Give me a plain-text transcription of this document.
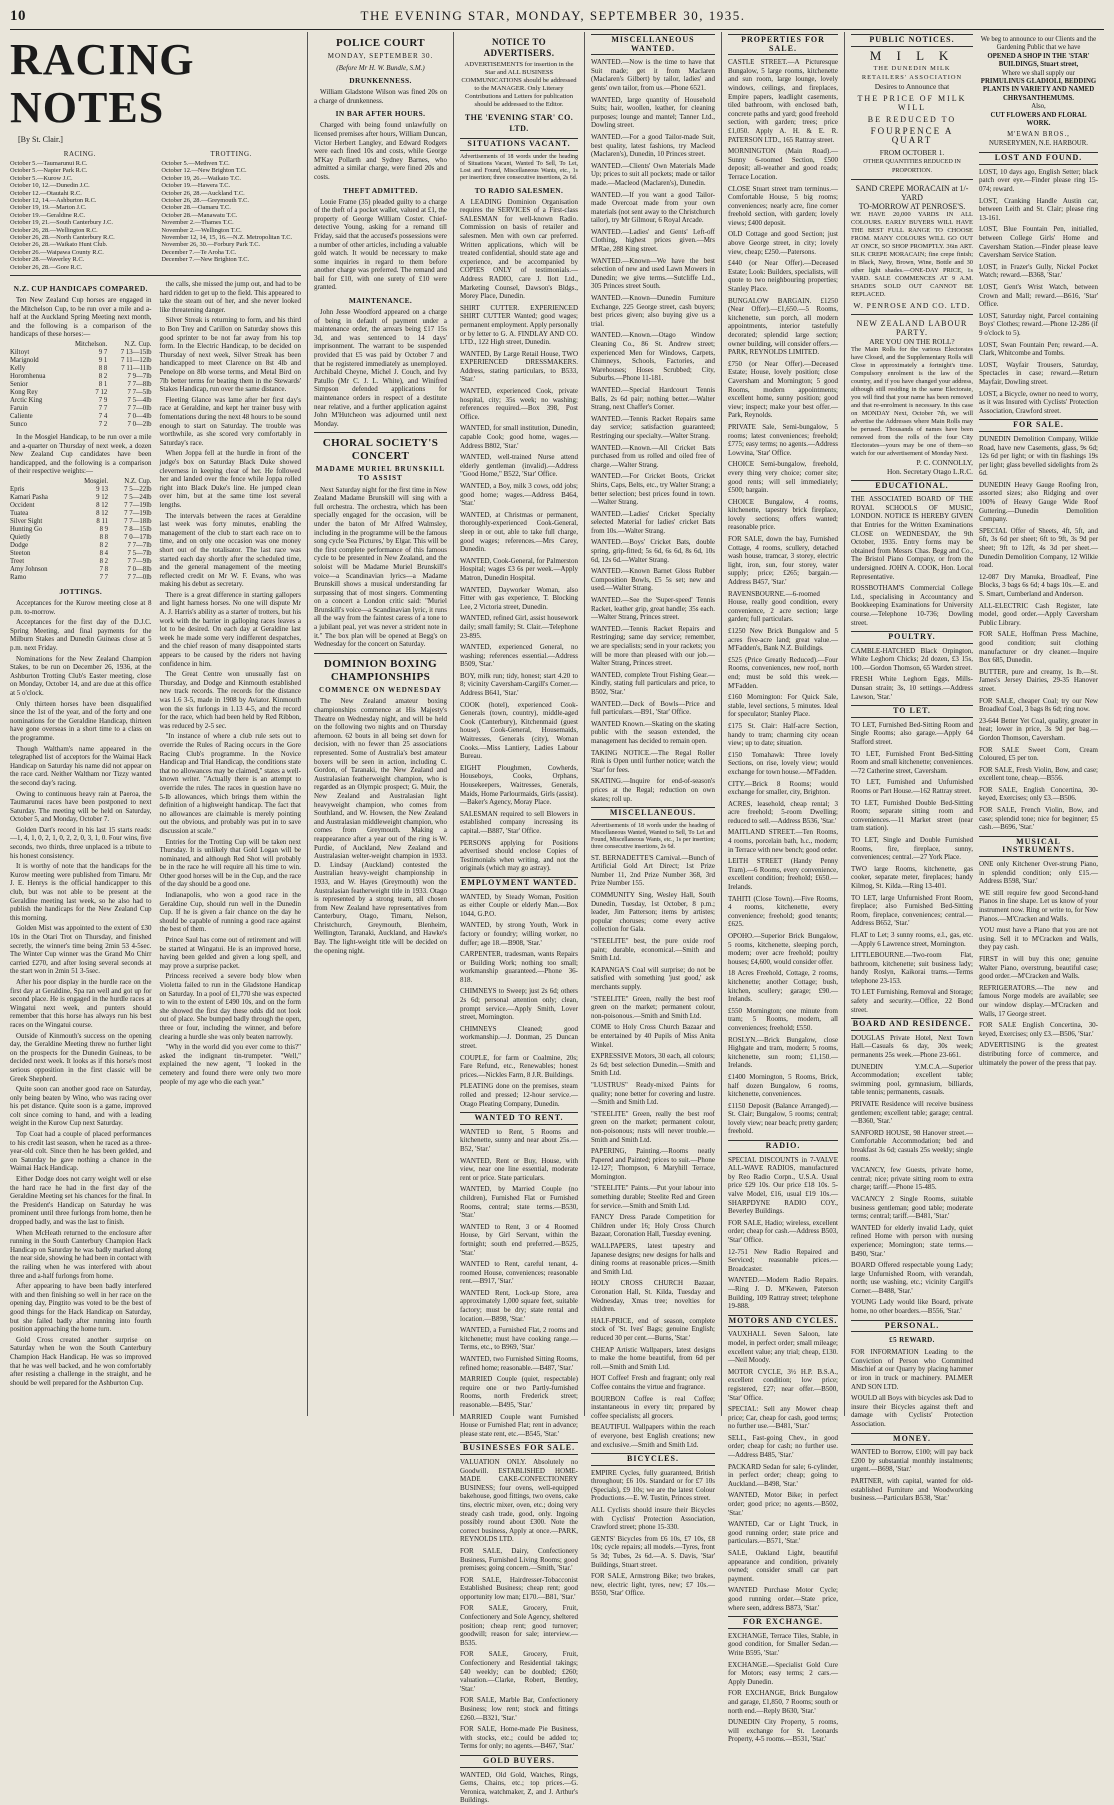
10	THE EVENING STAR, MONDAY, SEPTEMBER 30, 1935.
RACING NOTES
[By St. Clair.]
RACING.
October 5.—Taumarunui R.C.
October 5.—Napier Park R.C.
October 5.—Kurow J.C.
October 10, 12.—Dunedin J.C.
October 12.—Otautahi R.C.
October 12, 14.—Ashburton R.C.
October 19, 19.—Marton J.C.
October 19.—Geraldine R.C.
October 19, 21.—South Canterbury J.C.
October 26, 28.—Wellington R.C.
October 26, 28.—North Canterbury R.C.
October 26, 28.—Waikato Hunt Club.
October 26.—Waipawa County R.C.
October 28.—Waverley R.C.
October 26, 28.—Gore R.C.
TROTTING.
October 5.—Methven T.C.
October 12.—New Brighton T.C.
October 19, 26.—Waikato T.C.
October 19.—Hawera T.C.
October 26, 28.—Auckland T.C.
October 26, 28.—Greymouth T.C.
October 28.—Oamaru T.C.
October 28.—Manawatu T.C.
November 2.—Thames T.C.
November 2.—Wellington T.C.
November 12, 14, 15, 16.—N.Z. Metropolitan T.C.
November 26, 30.—Forbury Park T.C.
December 7.—Te Aroha T.C.
December 7.—New Brighton T.C.
N.Z. CUP HANDICAPS COMPARED.
Ten New Zealand Cup horses are engaged in the Mitchelson Cup, to be run over a mile and a-half at the Auckland Spring Meeting next month, and the following is a comparison of the handicaps of these horses:—
	Mitchelson.	N.Z. Cup.
Kiltoyt	9 7	7 13—15lb
Marignold	9 1	7 11—12lb
Kelly	8 8	7 11—11lb
Horomhenua	8 2	7 9—7lb
Senior	8 1	7 7—8lb
Kong Rey	7 12	7 7—5lb
Arctic King	7 9	7 5—4lb
Faruin	7 7	7 7—0lb
Caliente	7 4	7 0—4lb
Sunco	7 2	7 0—2lb
In the Mosgiel Handicap, to be run over a mile and a-quarter on Thursday of next week, a dozen New Zealand Cup candidates have been handicapped, and the following is a comparison of their respective weights:—
	Mosgiel.	N.Z. Cup.
Epris	9 13	7 5—22lb
Kamari Pasha	9 12	7 5—24lb
Occident	8 12	7 7—19lb
Tuatea	8 12	7 7—19lb
Silver Sight	8 11	7 7—18lb
Hunting Go	8 9	7 8—15lb
Quietly	8 8	7 0—17lb
Dodge	8 2	7 7—7lb
Steeton	8 4	7 5—7lb
Treet	8 2	7 7—9lb
Amy Johnson	7 8	7 0—8lb
Ramo	7 7	7 7—0lb
JOTTINGS.
Acceptances for the Kurow meeting close at 8 p.m. to-morrow.
Acceptances for the first day of the D.J.C. Spring Meeting, and final payments for the Milburn Stakes and Dunedin Guineas close at 5 p.m. next Friday.
Nominations for the New Zealand Champion Stakes, to be run on December 26, 1936, at the Ashburton Trotting Club's Easter meeting, close on Monday, October 14, and are due at this office at 5 o'clock.
Only thirteen horses have been disqualified since the 1st of the year, and of the forty and one nominations for the Geraldine Handicap, thirteen have gone overseas in a short time to a class on the programme.
Though Waltham's name appeared in the telegraphed list of acceptors for the Waimai Hack Handicap on Saturday his name did not appear on the race card. Neither Waltham nor Tizzy wanted the second day's racing.
Owing to continuous heavy rain at Paeroa, the Taumarunui races have been postponed to next Saturday. The meeting will be held on Saturday, October 5, and Monday, October 7.
Golden Dart's record in his last 15 starts reads:—1, 4, 1, 0, 2, 1, 0, 2, 2, 0, 3, 1, 0. Four wins, five seconds, two thirds, three unplaced is a tribute to his honest consistency.
It is worthy of note that the handicaps for the Kurow meeting were published from Timaru. Mr J. E. Henrys is the official handicapper to this club, but was not able to be present at the Geraldine meeting last week, so he also had to publish the handicaps for the New Zealand Cup this morning.
Golden Mist was appointed to the extent of £30 10s in the Otari Trot on Thursday, and finished secretly, the winner's time being 2min 53 4-5sec. The Winter Cup winner was the Grand Mo Chirr carried £270, and after losing several seconds at the start won in 2min 51 3-5sec.
After his poor display in the hurdle race on the first day at Geraldine, Spa ran well and got up for second place. He is engaged in the hurdle races at Wingatui next week, and punters should remember that this horse has always run his best races on the Wingatui course.
Outside of Kinmouth's success on the opening day, the Geraldine Meeting threw no further light on the prospects for the Dunedin Guineas, to be decided next week. It looks as if this horse's most serious opposition in the first classic will be Greek Shepherd.
Quite soon can another good race on Saturday, only being beaten by Wino, who was racing over his pet distance. Quite soon is a game, improved colt since coming to hand, and with a leading weight in the Kurow Cup next Saturday.
Top Coat had a couple of placed performances to his credit last season, when he raced as a three-year-old colt. Since then he has been gelded, and on Saturday he gave nothing a chance in the Waimai Hack Handicap.
Either Dodge does not carry weight well or else the hard race he had in the first day of the Geraldine Meeting set his chances for the final. In the President's Handicap on Saturday he was prominent until three furlongs from home, then he dropped badly, and was the last to finish.
When McHeath returned to the enclosure after running in the South Canterbury Champion Hack Handicap on Saturday he was badly marked along the near side, showing he had been in contact with the railing when he was interfered with about three and a-half furlongs from home.
After appearing to have been badly interfered with and then finishing so well in her race on the opening day, Pingtito was voted to be the best of good things for the Hack Handicap on Saturday, but she failed badly after running into fourth position approaching the home turn.
Gold Cross created another surprise on Saturday when he won the South Canterbury Champion Hack Handicap. He was so improved that he was well backed, and he won comfortably after resisting a challenge in the straight, and he should be well prepared for the Ashburton Cup.
the calls, she missed the jump out, and had to be hard ridden to get up to the field. This appeared to take the steam out of her, and she never looked like threatening danger.
Silver Streak is returning to form, and his third to Bon Trey and Carillon on Saturday shows this good sprinter to be not far away from his top form. In the Electric Handicap, to be decided on Thursday of next week, Silver Streak has been handicapped to meet Clarence on 8st 4lb and Penelope on 8lb worse terms, and Metal Bird on 7lb better terms for beating them in the Stewards' Stakes Handicap, run over the same distance.
Fleeting Glance was lame after her first day's race at Geraldine, and kept her trainer busy with fomentations during the next 48 hours to be sound enough to start on Saturday. The trouble was worthwhile, as she scored very comfortably in Saturday's race.
When Joppa fell at the hurdle in front of the judge's box on Saturday Black Duke showed cleverness in keeping clear of her. He followed her and landed over the fence while Joppa rolled right into Black Duke's line. He jumped clean over him, but at the same time lost several lengths.
The intervals between the races at Geraldine last week was forty minutes, enabling the management of the club to start each race on to time, and on only one occasion was one money short out of the totalisator. The last race was started each day shortly after the scheduled time, and the general management of the meeting reflected credit on Mr W. F. Evans, who was making his debut as secretary.
There is a great difference in starting gallopers and light harness horses. No one will dispute Mr A. J. Harris's ability as a starter of trotters, but his work with the barrier in galloping races leaves a lot to be desired. On each day at Geraldine last week he made some very indifferent despatches, and the chief reason of many disappointed starts appears to be caused by the riders not having confidence in him.
The Great Centre won unusually fast on Thursday, and Dodge and Kinmouth established new track records. The records for the distance was 1.6 3-5, made in 1908 by Aviator. Kinmouth won the six furlongs in 1.13 4-5, and the record for the race, which had been held by Red Ribbon, was reduced by 2-5 sec.
"In instance of where a club rule sets out to override the Rules of Racing occurs in the Gore Racing Club's programme. In the Novice Handicap and Trial Handicap, the conditions state that no allowances may be claimed," states a well-known writer. "Actually there is an attempt to override the rules. The races in question have no 5-lb allowances, which brings them within the definition of a highweight handicap. The fact that no allowances are claimable is merely pointing out the obvious, and probably was put in to save discussion at scale."
Entries for the Trotting Cup will be taken next Thursday. It is unlikely that Gold Logan will be nominated, and although Red Shot will probably be in the race he will require all his time to win. Other good horses will be in the Cup, and the race of the day should be a good one.
Indianapolis, who won a good race in the Geraldine Cup, should run well in the Dunedin Cup. If he is given a fair chance on the day he should be capable of running a good race against the best of them.
Prince Saul has come out of retirement and will be started at Wingatui. He is an improved horse, having been gelded and given a long spell, and may prove a surprise packet.
Princess received a severe body blow when Violetta failed to run in the Gladstone Handicap on Saturday. In a pool of £1,770 she was expected to win to the extent of £490 10s, and on the form she showed the first day these odds did not look out of place. She bumped badly through the open, three or four, including the winner, and before clearing a hurdle she was only beaten narrowly.
"Why in the world did you ever come to this?" asked the indignant tin-trumpeter. "Well," explained the new agent, "I looked in the cemetery and found there were only two more people of my age who die each year."
POLICE COURT
MONDAY, SEPTEMBER 30.
(Before Mr H. W. Bundle, S.M.)
DRUNKENNESS.
William Gladstone Wilson was fined 20s on a charge of drunkenness.
IN BAR AFTER HOURS.
Charged with being found unlawfully on licensed premises after hours, William Duncan, Victor Herbert Langley, and Edward Rodgers were each fined 10s and costs, while George M'Kay Pollarth and Sydney Barnes, who admitted a similar charge, were fined 20s and costs.
THEFT ADMITTED.
Louie Frame (35) pleaded guilty to a charge of the theft of a pocket wallet, valued at £1, the property of George William Coster. Chief-detective Young, asking for a remand till Friday, said that the accused's possessions were a number of other articles, including a valuable gold watch. It would be necessary to make some inquiries in regard to them before another charge was preferred. The remand and bail for £10, with one surety of £10 were granted.
MAINTENANCE.
John Jesse Woodford appeared on a charge of being in default of payment under a maintenance order, the arrears being £17 15s 3d, and was sentenced to 14 days' imprisonment. The warrant to be suspended provided that £5 was paid by October 7 and that he registered immediately as unemployed. Archibald Cheyne, Michel J. Couch, and Ivy Patullo (Mr C. J. L. White), and Winifred Simpson defended applications for maintenance orders in respect of a destitute near relative, and a further application against John M'Hutcheon was adjourned until next Monday.
CHORAL SOCIETY'S CONCERT
MADAME MURIEL BRUNSKILL TO ASSIST
Next Saturday night for the first time in New Zealand Madame Brunskill will sing with a full orchestra. The orchestra, which has been specially engaged for the occasion, will be under the baton of Mr Alfred Walmsley, including in the programme will be the famous song cycle 'Sea Pictures,' by Elgar. This will be the first complete performance of this famous cycle to be presented in New Zealand, and the soloist will be Madame Muriel Brunskill's voice—a Scandinavian lyrics—a Madame Brunskill shows a musical understanding far surpassing that of most singers. Commenting on a concert a London critic said: "Muriel Brunskill's voice—a Scandinavian lyric, it runs all the way from the faintest caress of a tone to a jubilant peal, yet was never a strident note in it." The box plan will be opened at Begg's on Wednesday for the concert on Saturday.
DOMINION BOXING CHAMPIONSHIPS
COMMENCE ON WEDNESDAY
The New Zealand amateur boxing championships commence at His Majesty's Theatre on Wednesday night, and will be held on the following two nights and on Thursday afternoon. 62 bouts in all being set down for decision, with no fewer than 25 associations represented. Some of Australia's best amateur boxers will be seen in action, including C. Gordon, of Taranaki, the New Zealand and Australasian featherweight champion, who is regarded as an Olympic prospect; G. Muir, the New Zealand and Australasian light heavyweight champion, who comes from Southland, and W. Howsen, the New Zealand and Australasian middleweight champion, who comes from Greymouth. Making a reappearance after a year out of the ring is W. Purdie, of Auckland, New Zealand and Australasian welter-weight champion in 1933. D. Lindsay (Auckland) contested the Australian heavy-weight championship in 1933, and W. Hayes (Greymouth) won the Australasian featherweight title in 1933. Otago is represented by a strong team, all chosen from New Zealand have representatives from Canterbury, Otago, Timaru, Nelson, Christchurch, Greymouth, Blenheim, Wellington, Taranaki, Auckland, and Hawke's Bay. The light-weight title will be decided on the opening night.
NOTICE TO ADVERTISERS.
ADVERTISEMENTS for insertion in the Star and ALL BUSINESS COMMUNICATIONS should be addressed to the MANAGER. Only Literary Contributions and Letters for publication should be addressed to the Editor.
THE 'EVENING STAR' CO. LTD.
SITUATIONS VACANT.
Advertisements of 18 words under the heading of Situations Vacant, Wanted To Sell, To Let, Lost and Found, Miscellaneous Wants, etc., 1s per insertion; three consecutive insertions, 2s 6d.
TO RADIO SALESMEN.
A LEADING Dominion Organisation requires the SERVICES of a First-class SALESMAN for well-known Radio. Commission on basis of retailer and salesmen. Men with own car preferred. Written applications, which will be treated confidential, should state age and experience, and be accompanied by COPIES ONLY of testimonials.—Address RADIO, care J. Ilott Ltd., Marketing Counsel, Dawson's Bldgs., Morey Place, Dunedin.
SHIRT CUTTER. EXPERIENCED SHIRT CUTTER Wanted; good wages; permanent employment. Apply personally or by letter to G. A. FINDLAY AND CO. LTD., 122 High street, Dunedin.
WANTED, By Large Retail House, TWO EXPERIENCED DRESSMAKERS. Address, stating particulars, to B533, 'Star.'
WANTED, experienced Cook, private hospital, city; 35s week; no washing; references required.—Box 398, Post Office.
WANTED, for small institution, Dunedin, capable Cook; good home, wages.—Address B802, 'Star.'
WANTED, well-trained Nurse attend elderly gentleman (invalid).—Address "Good Home," B522, 'Star' Office.
WANTED, a Boy, milk 3 cows, odd jobs; good home; wages.—Address B464, 'Star.'
WANTED, at Christmas or permanent, thoroughly-experienced Cook-General, sleep in or out, able to take full charge, good wages; references.—Mrs Carey, Dunedin.
WANTED, Cook-General, for Palmerston Hospital; wages £3 6s per week.—Apply Matron, Dunedin Hospital.
WANTED, Dayworker Woman, also Fitter with gas experience, T. Blocking Lee, 2 Victoria street, Dunedin.
WANTED, refined Girl, assist housework daily; small family; St. Clair.—Telephone 23-895.
WANTED, experienced General, no washing; references essential.—Address B509, 'Star.'
BOY, milk run; tidy, honest; start 4.20 to 8; vicinity Caversham-Cargill's Corner.—Address B641, 'Star.'
COOK (hotel), experienced Cook-Generals (town, country), middle-aged Cook (Canterbury), Kitchenmaid (guest house), Cook-General, Housemaids, Waitresses, Generals (city), Woman Cooks.—Miss Lantiery, Ladies Labour Bureau.
EIGHT Ploughmen, Cowherds, Houseboys, Cooks, Orphans, Housekeepers, Waitresses, Generals, Maids, Home Parlourmaids, Girls (assist).—Baker's Agency, Moray Place.
SALESMAN required to sell Blowers in established company increasing its capital.—B887, 'Star' Office.
PERSONS applying for Positions advertised should enclose Copies of Testimonials when writing, and not the originals (which may go astray).
EMPLOYMENT WANTED.
WANTED, by Steady Woman, Position as either Couple or elderly Man.—Box 1044, G.P.O.
WANTED, by strong Youth, Work in factory or foundry; willing worker, no duffer; age 18.—B908, 'Star.'
CARPENTER, tradesman, wants Repairs or Building Work; nothing too small; workmanship guaranteed.—Phone 36-818.
CHIMNEYS to Sweep; just 2s 6d; others 2s 6d; personal attention only; clean, prompt service.—Apply Smith, Lover street, Mornington.
CHIMNEYS Cleaned; good workmanship.—J. Donman, 25 Duncan street.
COUPLE, for farm or Coalmine, 20s; Fare Refund, etc., Renewables; honest prices.—Nickles Farm, 8 J.R. Buildings.
PLEATING done on the premises, steam rolled and pressed; 12-hour service.—Otago Pleating Company, Dunedin.
WANTED TO RENT.
WANTED to Rent, 5 Rooms and kitchenette, sunny and near about 25s.—B52, 'Star.'
WANTED, Rent or Buy, House, with view, near one line essential, moderate rent or price. State particulars.
WANTED, by Married Couple (no children), Furnished Flat or Furnished Rooms, central; state terms.—B530, 'Star.'
WANTED to Rent, 3 or 4 Roomed House, by Girl Servant, within the fortnight; south end preferred.—B525, 'Star.'
WANTED to Rent, careful tenant, 4-roomed House, conveniences; reasonable rent.—B917, 'Star.'
WANTED Rent, Lock-up Store, area approximately 1,000 square feet, suitable factory; must be dry; state rental and location.—B898, 'Star.'
WANTED, a Furnished Flat, 2 rooms and kitchenette; must have cooking range.—Terms, etc., to B969, 'Star.'
WANTED, two Furnished Sitting Rooms, refined home; reasonable.—B487, 'Star.'
MARRIED Couple (quiet, respectable) require one or two Partly-furnished Rooms, north Frederick street; reasonable.—B495, 'Star.'
MARRIED Couple want Furnished House or Furnished Flat; rent in advance; please state rent, etc.—B545, 'Star.'
BUSINESSES FOR SALE.
VALUATION ONLY. Absolutely no Goodwill. ESTABLISHED HOME-MADE CAKE-CONFECTIONERY BUSINESS; four ovens, well-equipped bakehouse, good fittings, two ovens, cake tins, electric mixer, oven, etc.; doing very steady cash trade, good, only. Ingoing possibly round about £300. Note the correct business, Apply at once.—PARK, REYNOLDS LTD.
FOR SALE, Dairy, Confectionery Business, Furnished Living Rooms; good premises; going concern.—Smith, 'Star.'
FOR SALE, Hairdresser-Tobacconist Established Business; cheap rent; good opportunity low man; £170.—B81, 'Star.'
FOR SALE, Grocery, Fruit, Confectionery and Sole Agency, sheltered position; cheap rent; good turnover; goodwill; reason for sale; interview.—B535.
FOR SALE, Grocery, Fruit, Confectionery and Residential takings; £40 weekly; can be doubled; £260; valuation.—Clarke, Robert, Bentley, 'Star.'
FOR SALE, Marble Bar, Confectionery Business; low rent; stock and fittings £260.—B321, 'Star.'
FOR SALE, Home-made Pie Business, with stocks, etc.; could be added to; Terms for only; no agents.—B467, 'Star.'
GOLD BUYERS.
WANTED, Old Gold, Watches, Rings, Gems, Chains, etc.; top prices.—G. Veronica, watchmaker, Z, and J. Arthur's Buildings.
MISCELLANEOUS WANTED.
WANTED.—Now is the time to have that Suit made; get it from Maclaren (Maclaren's Gilbert) by tailor, ladies' and gents' own tailor, from us.—Phone 6521.
WANTED, large quantity of Household Suits; hair, woollen, leather, for cleaning purposes; lounge and mantel; Tanner Ltd., Dowling street.
WANTED.—For a good Tailor-made Suit, best quality, latest fashions, try Macleod (Maclaren's), Dunedin, 10 Princes street.
WANTED.—Clients' Own Materials Made Up; prices to suit all pockets; made or tailor made.—Macleod (Maclaren's), Dunedin.
WANTED.—If you want a good Tailor-made Overcoat made from your own materials (not sent away to the Christchurch tailor), try Mr Gilmour, 6 Royal Arcade.
WANTED.—Ladies' and Gents' Left-off Clothing, highest prices given.—Mrs M'Rae, 288 King street.
WANTED.—Known—We have the best selection of new and used Lawn Mowers in Dunedin; we give terms.—Sutcliffe Ltd., 305 Princes street South.
WANTED.—Known—Dunedin Furniture Exchange, 225 George street, cash buyers; best prices given; also buying give us a trial.
WANTED.—Known.—Otago Window Cleaning Co., 86 St. Andrew street; experienced Men for Windows, Carpets, Chimneys, Schools, Factories, and Warehouses; Hoses Scrubbed; City, Suburbs.—Phone 11-181.
WANTED.—Special Hardcourt Tennis Balls, 2s 6d pair; nothing better.—Walter Strang, next Chaffer's Corner.
WANTED.—Tennis Racket Repairs same day service; satisfaction guaranteed; Restringing our specialty.—Walter Strang.
WANTED.—Known.—All Cricket Bats purchased from us rolled and oiled free of charge.—Walter Strang.
WANTED.—For Cricket Boots, Cricket Shirts, Caps, Belts, etc., try Walter Strang; a better selection; best prices found in town.—Walter Strang.
WANTED.—Ladies' Cricket Specialty selected Material for ladies' cricket Bats from 10s.—Walter Strang.
WANTED.—Boys' Cricket Bats, double spring, grip-fitted; 5s 6d, 6s 6d, 8s 6d, 10s 6d, 12s 6d.—Walter Strang.
WANTED.—Known Barnet Gloss Rubber Composition Bowls, £5 5s set; new and used.—Walter Strang.
WANTED.—See the 'Super-speed' Tennis Racket, leather grip, great handle; 35s each.—Walter Strang, Princes street.
WANTED.—Tennis Racket Repairs and Restringing; same day service; remember, we are specialists; send in your rackets; you will be more than pleased with our job.—Walter Strang, Princes street.
WANTED, complete Trout Fishing Gear.—Kindly, stating full particulars and price, to B502, 'Star.'
WANTED.—Deck of Bowls—Price and full particulars.—B91, 'Star' Office.
WANTED Known.—Skating on the skating public with the season extended, the management has decided to remain open.
TAKING NOTICE.—The Regal Roller Rink is Open until further notice; watch the 'Star' for fees.
SKATING.—Inquire for end-of-season's prices at the Regal; reduction on own skates; roll up.
MISCELLANEOUS.
Advertisements of 18 words under the heading of Miscellaneous Wanted, Wanted to Sell, To Let and Found, Miscellaneous Wants, etc., 1s per insertion; three consecutive insertions, 2s 6d.
ST. BERNADETTE'S Carnival.—Bunch of Artificial Gold Art Direct; 1st Prize Number 11, 2nd Prize Number 368, 3rd Prize Number 155.
COMMUNITY Sing, Wesley Hall, South Dunedin, Tuesday, 1st October, 8 p.m.; leader, Jim Patterson; items by artistes; popular choruses; come every active collection for Gala.
"STEELITE" best, the pure oxide roof paint; durable, economical.—Smith and Smith Ltd.
KAPANGA'S Coal will surprise; do not be satisfied with something 'just good,' ask merchants supply.
"STEELITE" Green, really the best roof green on the market; permanent colour, non-poisonous.—Smith and Smith Ltd.
COME to Holy Cross Church Bazaar and be entertained by 40 Pupils of Miss Anita Winkel.
EXPRESSIVE Motors, 30 each, all colours; 2s 6d; best selection Dunedin.—Smith and Smith Ltd.
"LUSTRUS" Ready-mixed Paints for quality; none better for covering and lustre.—Smith and Smith Ltd.
"STEELITE" Green, really the best roof green on the market; permanent colour, non-poisonous; rusts will never trouble.—Smith and Smith Ltd.
PAPERING, Painting.—Rooms neatly Papered and Painted; prices to suit.—Phone 12-127; Thompson, 6 Maryhill Terrace, Mornington.
"STEELITE" Paints.—Put your labour into something durable; Steelite Red and Green for service.—Smith and Smith Ltd.
FANCY Dress Parade Competition for Children under 16; Holy Cross Church Bazaar, Coronation Hall, Tuesday evening.
WALLPAPERS, latest tapestry and Japanese designs; new designs for halls and dining rooms at reasonable prices.—Smith and Smith Ltd.
HOLY CROSS CHURCH Bazaar, Coronation Hall, St. Kilda, Tuesday and Wednesday, Xmas tree; novelties for children.
HALF-PRICE, end of season, complete stock of 'St. Ives' Bags; genuine English; reduced 30 per cent.—Burns, 'Star.'
CHEAP Artistic Wallpapers, latest designs to make the home beautiful, from 6d per roll.—Smith and Smith Ltd.
HOT Coffee! Fresh and fragrant; only real Coffee contains the virtue and fragrance.
BOURBON Coffee is real Coffee; instantaneous in every tin; prepared by coffee specialists; all grocers.
BEAUTIFUL Wallpapers within the reach of everyone, best English creations; new and exclusive.—Smith and Smith Ltd.
BICYCLES.
EMPIRE Cycles, fully guaranteed, British throughout; £6 10s. Standard or for £7 10s (Specials), £9 10s; we are the latest Colour Productions.—E. W. Tustin, Princes street.
ALL Cyclists should insure their Bicycles with Cyclists' Protection Association, Crawford street; phone 15-330.
GENTS' Bicycles from £6 10s, £7 10s, £8 10s; cycle repairs; all models.—Tyres, front 5s 3d; Tubes, 2s 6d.—A. S. Davis, 'Star' Buildings, Stuart street.
FOR SALE, Armstrong Bike; two brakes, new, electric light, tyres, new; £7 10s.—B550, 'Star' Office.
PROPERTIES FOR SALE.
CASTLE STREET.—A Picturesque Bungalow, 5 large rooms, kitchenette and sun room, large lounge, lovely windows, ceilings, and fireplaces, Empire papers, leadlight casements, tiled bathroom, with enclosed bath, concrete paths and yard; good freehold section, with garden; trees; price £1,050. Apply A. H. & E. R. PATERSON LTD., 165 Rattray street.
MORNINGTON (Main Road).—Sunny 6-roomed Section, £500 deposit; all-weather and good roads; Terrace Location.
CLOSE Stuart street tram terminus.—Comfortable House, 5 big rooms; conveniences; nearly acre, fine corner freehold section, with garden; lovely views; £400 deposit.
OLD Cottage and good Section; just above George street, in city; lovely view, cheap; £250.—Patersons.
£440 (or Near Offer).—Deceased Estate; Look: Builders, specialists, will quote to two neighbouring properties; Stanley Place.
BUNGALOW BARGAIN. £1250 (Near Offer).—£1,650.—5 Rooms, kitchenette, sun porch, all modern appointments, interior tastefully decorated; splendid large section; owner building, will consider offers.—PARK, REYNOLDS LIMITED.
£750 (or Near Offer).—Deceased Estate; House, lovely position; close Caversham and Mornington; 5 good Rooms, modern appointments; excellent home, sunny position; good view; inspect; make your best offer.—Park, Reynolds.
PRIVATE Sale, Semi-bungalow, 5 rooms; latest conveniences; freehold; £775; easy terms; no agents.—Address Lowvina, 'Star' Office.
CHOICE Semi-bungalow, freehold, every thing very choice; corner site; good rents; will sell immediately; £500; bargain.
CHOICE Bungalow, 4 rooms, kitchenette, tapestry brick fireplace, lovely sections; offers wanted; reasonable price.
FOR SALE, down the bay, Furnished Cottage, 4 rooms, scullery, detached wash house, tramcar, 3 storey, electric light, iron, sun, four storey, water supply; price; £265; bargain.—Address B457, 'Star.'
RAVENSBOURNE.—6-roomed House, really good condition, every convenience, 2 acre section; large garden; full particulars.
£1250 New Brick Bungalow and 5 acres five-acre land; great value.—M'Fadden's, Bank N.Z. Buildings.
£525 (Price Greatly Reduced).—Four Rooms, conveniences, new roof, north end; must be sold this week.—M'Fadden.
£160 Mornington: For Quick Sale, stable, level sections, 5 minutes. Ideal for speculator; Stanley Place.
£175 St. Clair: Half-acre Section, handy to tram; charming city ocean view; up to date; situation.
£150 Tomahawk: Three lovely Sections, on rise, lovely view; would exchange for town house.—M'Fadden.
CITY.—Brick 8 Rooms; would exchange for smaller, city, Brighton.
ACRES, leasehold, cheap rental; 3 acre freehold; 5-room Dwelling; reduced to sell.—Address B536, 'Star.'
MAITLAND STREET.—Ten Rooms, 4 rooms, porcelain bath, h.c., modern; in Terrace with new bench; good order.
LEITH STREET (Handy Penny Tram).—6 Rooms, every convenience, excellent condition; freehold; £650.—Irelands.
TAHITI (Close Town).—Five Rooms, 4 rooms, kitchenette, every convenience; freehold; good tenants; £625.
OPOHO.—Superior Brick Bungalow, 5 rooms, kitchenette, sleeping porch, modern; over acre freehold; poultry houses; £4,600, would consider offer.
18 Acres Freehold, Cottage, 2 rooms, kitchenette; another Cottage; bush, kitchen, scullery; garage; £90.—Irelands.
£550 Mornington; one minute from tram; 5 Rooms, modern, all conveniences; freehold; £550.
ROSLYN.—Brick Bungalow, close Highgate and tram, modern; 5 rooms, kitchenette, sun room; £1,150.—Irelands.
£1400 Mornington, 5 Rooms, Brick, half dozen Bungalow, 6 rooms, kitchenette, conveniences.
£1150 Deposit (Balance Arranged).—St. Clair; Bungalow, 5 rooms; central; lovely view; near beach; pretty garden; freehold.
RADIO.
SPECIAL DISCOUNTS in 7-VALVE ALL-WAVE RADIOS, manufactured by Reo Radio Corpn., U.S.A. Usual price £29 10s. Our price £18 10s. 5-valve Model, £16, usual £19 10s.—SHARPDYNE RADIO COY., Beverley Buildings.
FOR SALE, Hadio; wireless, excellent order; cheap for cash.—Address B503, 'Star' Office.
12-751 New Radio Repaired and Serviced; reasonable prices.—Broadcaster.
WANTED.—Modern Radio Repairs.—Ring J. D. M'Kewen, Paterson Building, 109 Rattray street; telephone 19-888.
MOTORS AND CYCLES.
VAUXHALL Seven Saloon, late model, in perfect order; small mileage; excellent value; any trial; cheap, £130.—Neil Moody.
MOTOR CYCLE, 3½ H.P. B.S.A., excellent condition; low price; registered, £27; near offer.—B500, 'Star' Office.
SPECIAL: Sell any Mower cheap price; Car, cheap for cash, good terms; no further use.—B481, 'Star.'
SELL, Fast-going Chev., in good order; cheap for cash; no further use.—Address B485, 'Star.'
PACKARD Sedan for sale; 6-cylinder, in perfect order; cheap; going to Auckland.—B498, 'Star.'
WANTED, Motor Bike; in perfect order; good price; no agents.—B502, 'Star.'
WANTED, Car or Light Truck, in good running order; state price and particulars.—B571, 'Star.'
SALE, Oakland Light, beautiful appearance and condition, privately owned; consider small car part payment.
WANTED Purchase Motor Cycle; good running order.—State price, where seen, address B873, 'Star.'
FOR EXCHANGE.
EXCHANGE, Terrace Tiles, Stable, in good condition, for Smaller Sedan.—Write B595, 'Star.'
EXCHANGE.—Specialist Gold Cure for Motors; easy terms; 2 cars.—Apply Dunedin.
FOR EXCHANGE, Brick Bungalow and garage, £1,850, 7 Rooms; south or north end.—Reply B630, 'Star.'
DUNEDIN City Property, 5 rooms, will exchange for St. Leonards Property, 4-5 rooms.—B531, 'Star.'
PUBLIC NOTICES.
M I L K
THE DUNEDIN MILK RETAILERS' ASSOCIATION
Desires to Announce that
THE PRICE OF MILK WILL
BE REDUCED TO
FOURPENCE A QUART
FROM OCTOBER 1.
OTHER QUANTITIES REDUCED IN PROPORTION.
SAND CREPE MORACAIN at 1/- YARD
TO-MORROW AT PENROSE'S.
WE HAVE 20,000 YARDS IN ALL COLOURS. EARLY BUYERS WILL HAVE THE BEST FULL RANGE TO CHOOSE FROM. MANY COLOURS WILL GO OUT AT ONCE, SO SHOP PROMPTLY. 36in ART. SILK CREPE MORACAIN; fine crepe finish; in Black, Navy, Brown, Wine, Bottle and 30 other light shades.—ONE-DAY PRICE, 1s YARD. SALE COMMENCES AT 9 A.M. SHADES SOLD OUT CANNOT BE REPLACED.
W. PENROSE AND CO. LTD.
NEW ZEALAND LABOUR PARTY.
ARE YOU ON THE ROLL?
The Main Rolls for the various Electorates have Closed, and the Supplementary Rolls will Close in approximately a fortnight's time. Compulsory enrolment is the law of the country, and if you have changed your address, although still residing in the same Electorate, you will find that your name has been removed and that re-enrolment is necessary. In this case on MONDAY Next, October 7th, we will advertise the Addresses where Main Rolls may be perused. Thousands of names have been removed from the rolls of the four City Electorates—yours may be one of them—so watch for our advertisement of Monday Next.
P. C. CONNOLLY,
Hon. Secretary Otago L.R.C.
EDUCATIONAL.
THE ASSOCIATED BOARD OF THE ROYAL SCHOOLS OF MUSIC, LONDON. NOTICE IS HEREBY GIVEN that Entries for the Written Examinations CLOSE on WEDNESDAY, the 9th October, 1935. Entry forms may be obtained from Messrs Chas. Begg and Co., The Bristol Piano Company, or from the undersigned. JOHN A. COOK, Hon. Local Representative.
ROSSBOTHAM'S Commercial College Ltd., specialising in Accountancy and Bookkeeping Examinations for University course.—Telephone 10-736; Dowling street.
POULTRY.
CAMBLE-HATCHED Black Orpington, White Leghorn Chicks; 2d dozen, £3 15s, 100.—Gordon Thomson, 65 Warden street.
FRESH White Leghorn Eggs, Mills-Dunsan strain; 3s, 10 settings.—Address Lawson, 'Star.'
TO LET.
TO LET, Furnished Bed-Sitting Room and Single Rooms; also garage.—Apply 64 Stafford street.
TO LET, Furnished Front Bed-Sitting Room and small kitchenette; conveniences.—72 Catherine street, Caversham.
TO LET, Furnished and Unfurnished Rooms or Part House.—162 Rattray street.
TO LET, Furnished Double Bed-Sitting Room; separate sitting room and conveniences.—11 Market street (near tram station).
TO LET, Single and Double Furnished Rooms, fire, fireplace, sunny, conveniences; central.—27 York Place.
TWO large Rooms, kitchenette, gas cooker, separate meter, fireplaces; handy Kilmog, St. Kilda.—Ring 13-401.
TO LET, large Unfurnished Front Room, fireplace; also Furnished Bed-Sitting Room, fireplace, conveniences; central.—Address B652, 'Star.'
FLAT to Let; 3 sunny rooms, e.l., gas, etc.—Apply 6 Lawrence street, Mornington.
LITTLEBOURNE.—Two-room Flat, bathroom, kitchenette; suit business lady; handy Roslyn, Kaikorai trams.—Terms telephone 23-153.
TO LET Furnishing, Removal and Storage; safety and security.—Office, 22 Bond street.
BOARD AND RESIDENCE.
DOUGLAS Private Hotel, Next Town Hall.—Casuals 6s day, 30s week; permanents 25s week.—Phone 23-661.
DUNEDIN Y.M.C.A.—Superior Accommodation; excellent table; swimming pool, gymnasium, billiards, table tennis; permanents, casuals.
PRIVATE Residence will receive business gentlemen; excellent table; garage; central.—B360, 'Star.'
SANFORD HOUSE, 98 Hanover street.—Comfortable Accommodation; bed and breakfast 3s 6d; casuals 25s weekly; single rooms.
VACANCY, few Guests, private home, central; nice; private sitting room to extra charge; tariff.—Phone 15-485.
VACANCY 2 Single Rooms, suitable business gentleman; good table; moderate terms; central; tariff.—B481, 'Star.'
WANTED for elderly invalid Lady, quiet refined Home with person with nursing experience; Mornington; state terms.—B490, 'Star.'
BOARD Offered respectable young Lady; large Unfurnished Room, with verandah, north; use washing, etc.; vicinity Cargill's Corner.—B488, 'Star.'
YOUNG Lady would like Board, private home, no other boarders.—B556, 'Star.'
PERSONAL.
£5 REWARD.
FOR INFORMATION Leading to the Conviction of Person who Committed Mischief at our Quarry by placing hammer or iron in truck or machinery. PALMER AND SON LTD.
WOULD all Boys with bicycles ask Dad to insure their Bicycles against theft and damage with Cyclists' Protection Association.
MONEY.
WANTED to Borrow, £100; will pay back £200 by substantial monthly instalments; urgent.—B698, 'Star.'
PARTNER, with capital, wanted for old-established Furniture and Woodworking business.—Particulars B538, 'Star.'
We beg to announce to our Clients and the Gardening Public that we have
OPENED A SHOP IN THE 'STAR' BUILDINGS, Stuart street,
Where we shall supply our
PRIMULINUS GLADIOLI, BEDDING PLANTS IN VARIETY AND NAMED CHRYSANTHEMUMS.
Also,
CUT FLOWERS AND FLORAL WORK.
M'EWAN BROS.,
NURSERYMEN, N.E. HARBOUR.
LOST AND FOUND.
LOST, 10 days ago, English Setter; black patch over eye.—Finder please ring 15-074; reward.
LOST, Cranking Handle Austin car, between Leith and St. Clair; please ring 13-161.
LOST, Blue Fountain Pen, initialled, between College Girls' Home and Caversham Station.—Finder please leave Caversham Service Station.
LOST, in Frazer's Gully, Nickel Pocket Watch; reward.—B368, 'Star.'
LOST, Gent's Wrist Watch, between Crown and Mall; reward.—B616, 'Star' Office.
LOST, Saturday night, Parcel containing Boys' Clothes; reward.—Phone 12-286 (if 9 o'clock to 5).
LOST, Swan Fountain Pen; reward.—A. Clark, Whitcombe and Tombs.
LOST, Wayfair Trousers, Saturday, Spectacles in case; reward.—Return Mayfair, Dowling street.
LOST, a Bicycle, owner no need to worry, as it was Insured with Cyclists' Protection Association, Crawford street.
FOR SALE.
DUNEDIN Demolition Company, Wilkie Road, have new Casements, glass, 9s 6d; 12s 6d per light; or with tin flashings 19s per light; glass bevelled sidelights from 2s 6d.
DUNEDIN Heavy Gauge Roofing Iron, assorted sizes; also Ridging and over 100% of Heavy Gauge Wide Roof Guttering.—Dunedin Demolition Company.
SPECIAL Offer of Sheets, 4ft, 5ft, and 6ft, 3s 6d per sheet; 6ft to 9ft, 3s 9d per sheet; 9ft to 12ft, 4s 3d per sheet.—Dunedin Demolition Company, 12 Wilkie road.
12-087 Dry Manuka, Broadleaf, Pine Blocks, 3 bags 6s 6d; 4 bags 10s.—E. and S. Smart, Cumberland and Anderson.
ALL-ELECTRIC Cash Register, late model, good order.—Apply Caversham Public Library.
FOR SALE, Hoffman Press Machine, good condition; suit clothing manufacturer or dry cleaner.—Inquire Box 685, Dunedin.
BUTTER, pure and creamy, 1s lb.—St. James's Jersey Dairies, 29-35 Hanover street.
FOR SALE, cheaper Coal; try our New Broadleaf Coal, 3 bags 8s 6d; ring now.
23-644 Better Yet Coal, quality, greater in heat; lower in price, 3s 9d per bag.—Gordon Thomson, Caversham.
FOR SALE Sweet Corn, Cream Coloured, £5 per ton.
FOR SALE, Fresh Violin, Bow, and case; excellent tone, cheap.—B556.
FOR SALE, English Concertina, 30-keyed, Exercises; only £3.—B506.
FOR SALE, French Violin, Bow, and case; splendid tone; nice for beginner; £5 cash.—B696, 'Star.'
MUSICAL INSTRUMENTS.
ONE only Kitchener Over-strung Piano, in splendid condition; only £15.—Address B598, 'Star.'
WE still require few good Second-hand Pianos in fine shape. Let us know of your instrument now. Ring or write to, for New Pianos.—M'Cracken and Walls.
YOU must have a Piano that you are not using. Sell it to M'Cracken and Walls, they pay cash.
FIRST in will buy this one; genuine Walter Piano, overstrung, beautiful case; good order.—M'Cracken and Walls.
REFRIGERATORS.—The new and famous Norge models are available; see our window display.—M'Cracken and Walls, 17 George street.
FOR SALE English Concertina, 30-keyed, Exercises; only £3.—B506, 'Star.'
ADVERTISING is the greatest distributing force of commerce, and ultimately the power of the press that pay.
